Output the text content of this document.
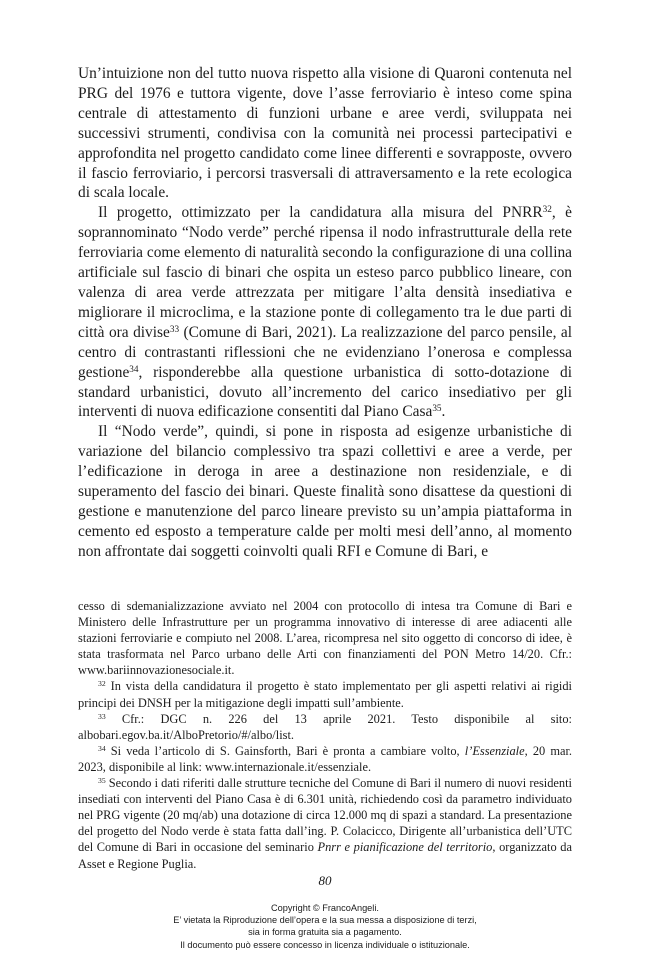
Un’intuizione non del tutto nuova rispetto alla visione di Quaroni contenuta nel PRG del 1976 e tuttora vigente, dove l’asse ferroviario è inteso come spina centrale di attestamento di funzioni urbane e aree verdi, sviluppata nei successivi strumenti, condivisa con la comunità nei processi partecipativi e approfondita nel progetto candidato come linee differenti e sovrapposte, ovvero il fascio ferroviario, i percorsi trasversali di attraversamento e la rete ecologica di scala locale.

Il progetto, ottimizzato per la candidatura alla misura del PNRR$^{32}$, è soprannominato “Nodo verde” perché ripensa il nodo infrastrutturale della rete ferroviaria come elemento di naturalità secondo la configurazione di una collina artificiale sul fascio di binari che ospita un esteso parco pubblico lineare, con valenza di area verde attrezzata per mitigare l’alta densità insediativa e migliorare il microclima, e la stazione ponte di collegamento tra le due parti di città ora divise$^{33}$ (Comune di Bari, 2021). La realizzazione del parco pensile, al centro di contrastanti riflessioni che ne evidenziano l’onerosa e complessa gestione$^{34}$, risponderebbe alla questione urbanistica di sotto-dotazione di standard urbanistici, dovuto all’incremento del carico insediativo per gli interventi di nuova edificazione consentiti dal Piano Casa$^{35}$.

Il “Nodo verde”, quindi, si pone in risposta ad esigenze urbanistiche di variazione del bilancio complessivo tra spazi collettivi e aree a verde, per l’edificazione in deroga in aree a destinazione non residenziale, e di superamento del fascio dei binari. Queste finalità sono disattese da questioni di gestione e manutenzione del parco lineare previsto su un’ampia piattaforma in cemento ed esposto a temperature calde per molti mesi dell’anno, al momento non affrontate dai soggetti coinvolti quali RFI e Comune di Bari, e

cesso di sdemanializzazione avviato nel 2004 con protocollo di intesa tra Comune di Bari e Ministero delle Infrastrutture per un programma innovativo di interesse di aree adiacenti alle stazioni ferroviarie e compiuto nel 2008. L’area, ricompresa nel sito oggetto di concorso di idee, è stata trasformata nel Parco urbano delle Arti con finanziamenti del PON Metro 14/20. Cfr.: www.bariinnovazionesociale.it.

$^{32}$ In vista della candidatura il progetto è stato implementato per gli aspetti relativi ai rigidi principi dei DNSH per la mitigazione degli impatti sull’ambiente.

$^{33}$ Cfr.: DGC n. 226 del 13 aprile 2021. Testo disponibile al sito: albobari.egov.ba.it/AlboPretorio/#/albo/list.

$^{34}$ Si veda l’articolo di S. Gainsforth, Bari è pronta a cambiare volto, l’Essenziale, 20 mar. 2023, disponibile al link: www.internazionale.it/essenziale.

$^{35}$ Secondo i dati riferiti dalle strutture tecniche del Comune di Bari il numero di nuovi residenti insediati con interventi del Piano Casa è di 6.301 unità, richiedendo così da parametro individuato nel PRG vigente (20 mq/ab) una dotazione di circa 12.000 mq di spazi a standard. La presentazione del progetto del Nodo verde è stata fatta dall’ing. P. Colacicco, Dirigente all’urbanistica dell’UTC del Comune di Bari in occasione del seminario Pnrr e pianificazione del territorio, organizzato da Asset e Regione Puglia.

80
Copyright © FrancoAngeli.
E’ vietata la Riproduzione dell’opera e la sua messa a disposizione di terzi,
sia in forma gratuita sia a pagamento.
Il documento può essere concesso in licenza individuale o istituzionale.
